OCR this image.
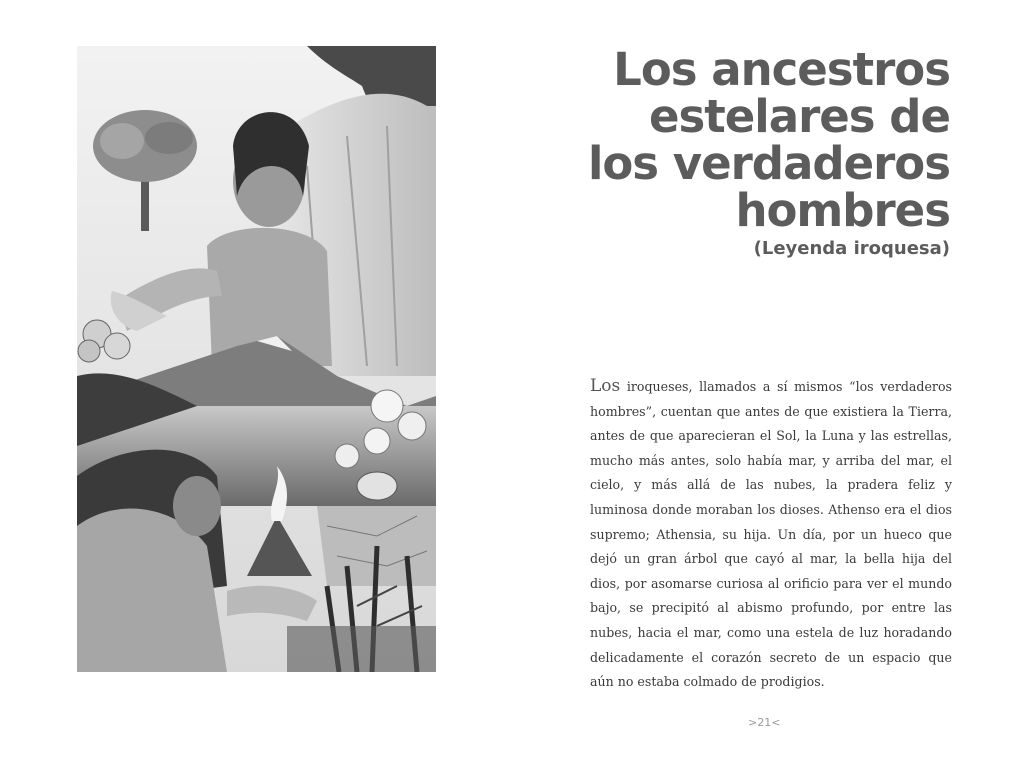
Los ancestros
estelares de
los verdaderos
hombres
(Leyenda iroquesa)

Los iroqueses, llamados a sí mismos “los verdaderos hombres”, cuentan que antes de que existiera la Tierra, antes de que aparecieran el Sol, la Luna y las estrellas, mucho más antes, solo había mar, y arriba del mar, el cielo, y más allá de las nubes, la pradera feliz y luminosa donde moraban los dioses. Athenso era el dios supremo; Athensia, su hija. Un día, por un hueco que dejó un gran árbol que cayó al mar, la bella hija del dios, por asomarse curiosa al orificio para ver el mundo bajo, se precipitó al abismo profundo, por entre las nubes, hacia el mar, como una estela de luz horadando delicadamente el corazón secreto de un espacio que aún no estaba colmado de prodigios.

>21<
